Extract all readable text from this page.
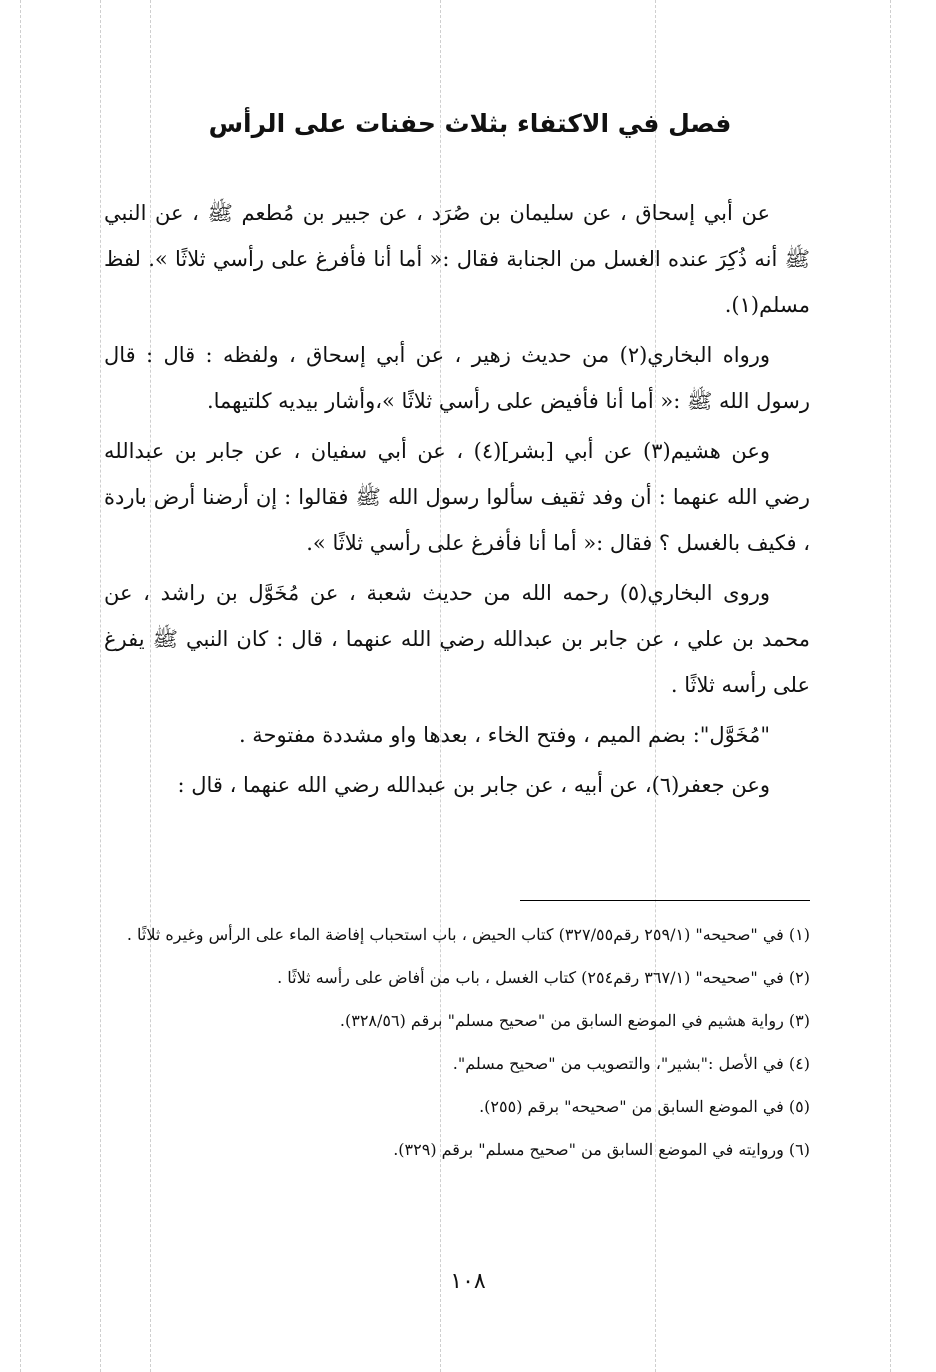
فصل في الاكتفاء بثلاث حفنات على الرأس

عن أبي إسحاق ، عن سليمان بن صُرَد ، عن جبير بن مُطعم ﷺ ، عن النبي ﷺ أنه ذُكِرَ عنده الغسل من الجنابة فقال :« أما أنا فأفرغ على رأسي ثلاثًا ». لفظ مسلم(١).

ورواه البخاري(٢) من حديث زهير ، عن أبي إسحاق ، ولفظه : قال : قال رسول الله ﷺ :« أما أنا فأفيض على رأسي ثلاثًا »،وأشار بيديه كلتيهما.

وعن هشيم(٣) عن أبي [بشر](٤) ، عن أبي سفيان ، عن جابر بن عبدالله رضي الله عنهما : أن وفد ثقيف سألوا رسول الله ﷺ فقالوا : إن أرضنا أرض باردة ، فكيف بالغسل ؟ فقال :« أما أنا فأفرغ على رأسي ثلاثًا ».

وروى البخاري(٥) رحمه الله من حديث شعبة ، عن مُخَوَّل بن راشد ، عن محمد بن علي ، عن جابر بن عبدالله رضي الله عنهما ، قال : كان النبي ﷺ يفرغ على رأسه ثلاثًا .

"مُخَوَّل": بضم الميم ، وفتح الخاء ، بعدها واو مشددة مفتوحة .

وعن جعفر(٦)، عن أبيه ، عن جابر بن عبدالله رضي الله عنهما ، قال :

(١) في "صحيحه" (٢٥٩/١ رقم٣٢٧/٥٥) كتاب الحيض ، باب استحباب إفاضة الماء على الرأس وغيره ثلاثًا .
(٢) في "صحيحه" (٣٦٧/١ رقم٢٥٤) كتاب الغسل ، باب من أفاض على رأسه ثلاثًا .
(٣) رواية هشيم في الموضع السابق من "صحيح مسلم" برقم (٣٢٨/٥٦).
(٤) في الأصل :"بشير"، والتصويب من "صحيح مسلم".
(٥) في الموضع السابق من "صحيحه" برقم (٢٥٥).
(٦) وروايته في الموضع السابق من "صحيح مسلم" برقم (٣٢٩).
١٠٨
